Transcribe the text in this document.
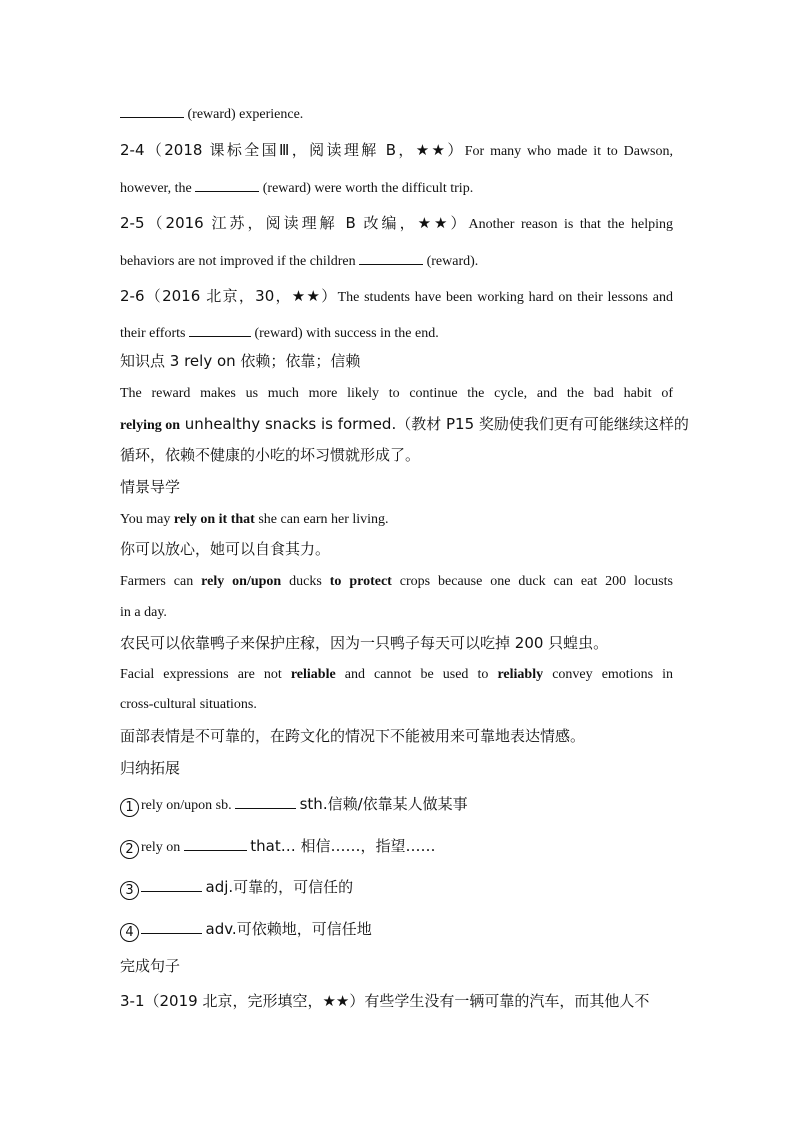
(reward) experience.
2-4（2018 课标全国Ⅲ，阅读理解 B，★★）For many who made it to Dawson,
however, the	(reward) were worth the difficult trip.
2-5（2016 江苏，阅读理解 B 改编，★★）Another reason is that the helping
behaviors are not improved if the children	(reward).
2-6（2016 北京，30，★★）The students have been working hard on their lessons and
their efforts	(reward) with success in the end.
知识点 3 rely on 依赖；依靠；信赖
The reward makes us much more likely to continue the cycle, and the bad habit of
relying on unhealthy snacks is formed.（教材 P15 奖励使我们更有可能继续这样的
循环，依赖不健康的小吃的坏习惯就形成了。
情景导学
You may rely on it that she can earn her living.
你可以放心，她可以自食其力。
Farmers can rely on/upon ducks to protect crops because one duck can eat 200 locusts
in a day.
农民可以依靠鸭子来保护庄稼，因为一只鸭子每天可以吃掉 200 只蝗虫。
Facial expressions are not reliable and cannot be used to reliably convey emotions in
cross-cultural situations.
面部表情是不可靠的，在跨文化的情况下不能被用来可靠地表达情感。
归纳拓展
1 rely on/upon sb.	sth.信赖/依靠某人做某事
2 rely on	that… 相信……，指望……
3	adj.可靠的，可信任的
4	adv.可依赖地，可信任地
完成句子
3-1（2019 北京，完形填空，★★）有些学生没有一辆可靠的汽车，而其他人不
